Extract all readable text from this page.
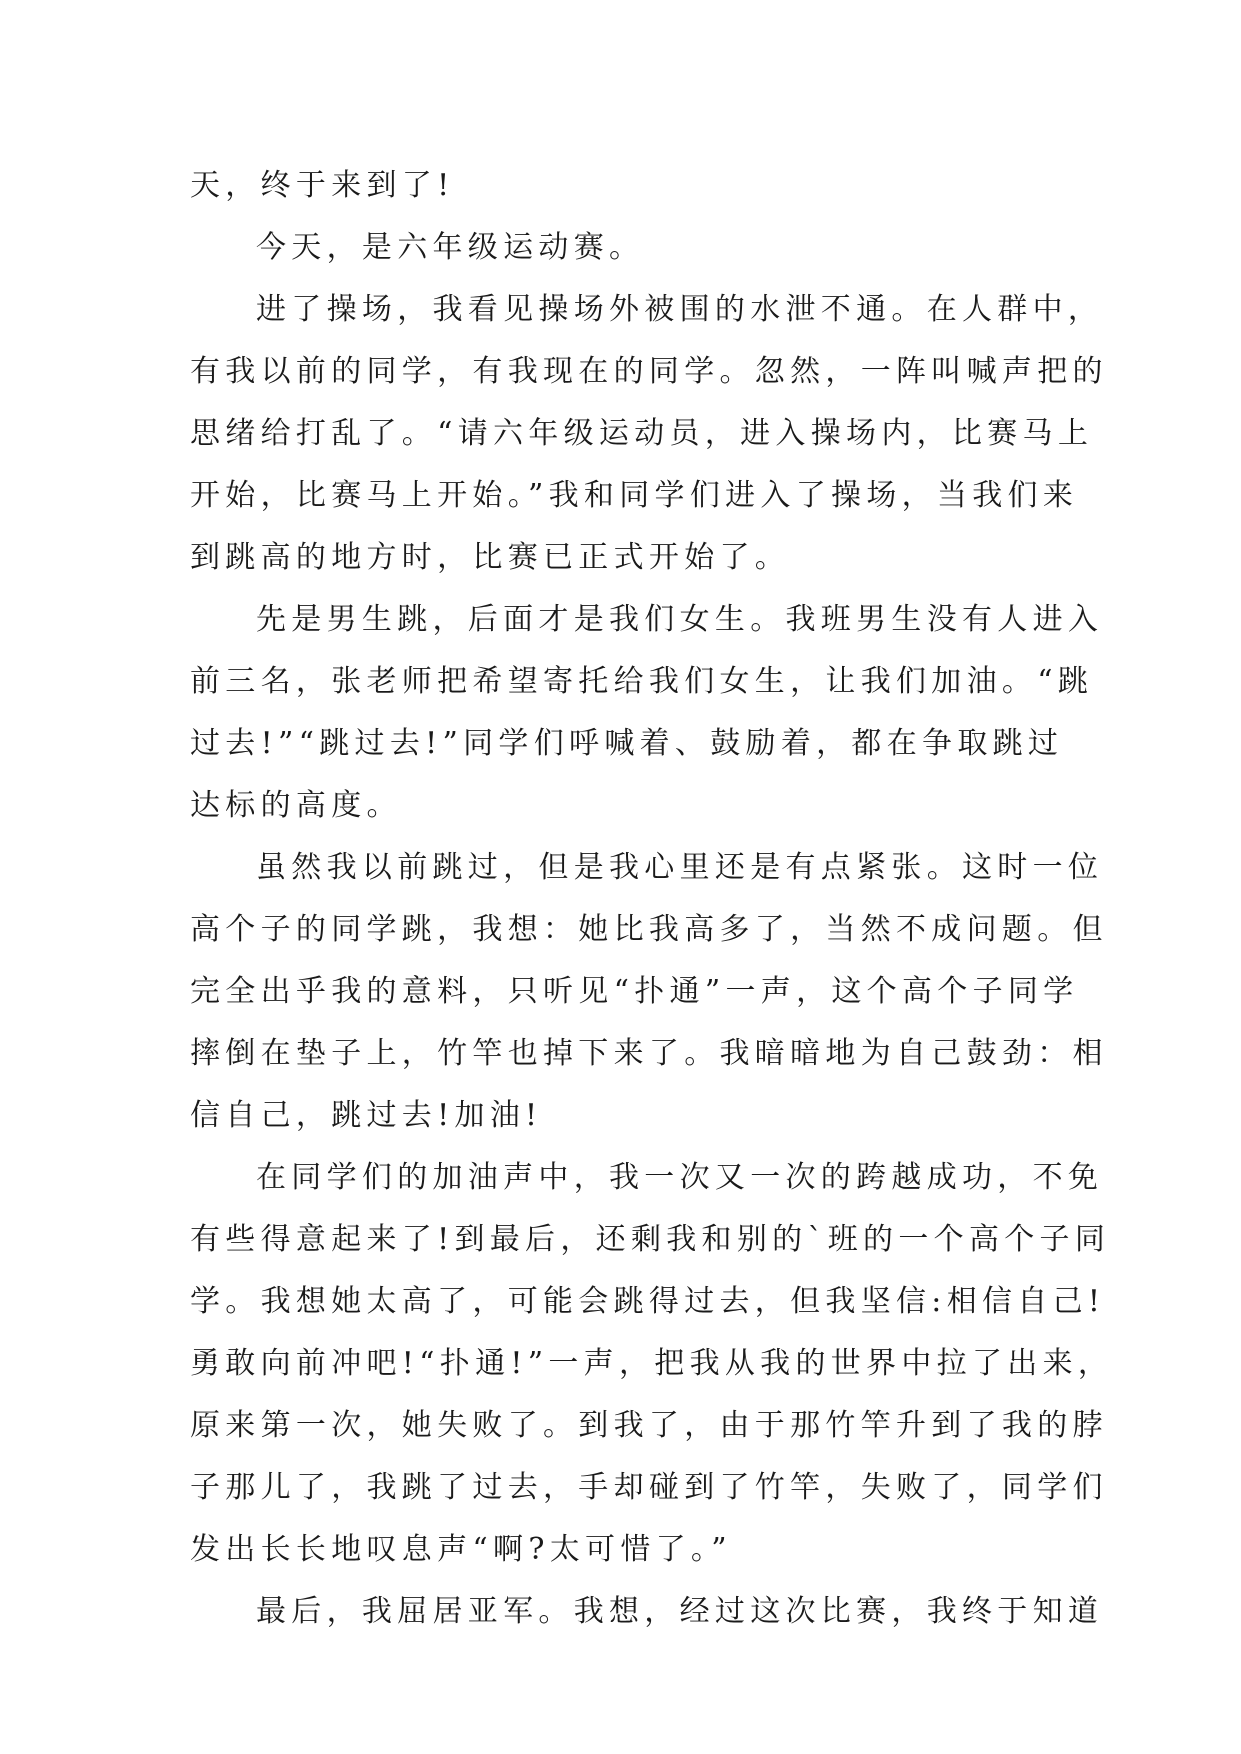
天，终于来到了!
今天，是六年级运动赛。
进了操场，我看见操场外被围的水泄不通。在人群中，
有我以前的同学，有我现在的同学。忽然，一阵叫喊声把的
思绪给打乱了。“请六年级运动员，进入操场内，比赛马上
开始，比赛马上开始。”我和同学们进入了操场，当我们来
到跳高的地方时，比赛已正式开始了。
先是男生跳，后面才是我们女生。我班男生没有人进入
前三名，张老师把希望寄托给我们女生，让我们加油。“跳
过去!”“跳过去!”同学们呼喊着、鼓励着，都在争取跳过
达标的高度。
虽然我以前跳过，但是我心里还是有点紧张。这时一位
高个子的同学跳，我想：她比我高多了，当然不成问题。但
完全出乎我的意料，只听见“扑通”一声，这个高个子同学
摔倒在垫子上，竹竿也掉下来了。我暗暗地为自己鼓劲：相
信自己，跳过去!加油!
在同学们的加油声中，我一次又一次的跨越成功，不免
有些得意起来了!到最后，还剩我和别的`班的一个高个子同
学。我想她太高了，可能会跳得过去，但我坚信:相信自己!
勇敢向前冲吧!“扑通!”一声，把我从我的世界中拉了出来，
原来第一次，她失败了。到我了，由于那竹竿升到了我的脖
子那儿了，我跳了过去，手却碰到了竹竿，失败了，同学们
发出长长地叹息声“啊?太可惜了。”
最后，我屈居亚军。我想，经过这次比赛，我终于知道
